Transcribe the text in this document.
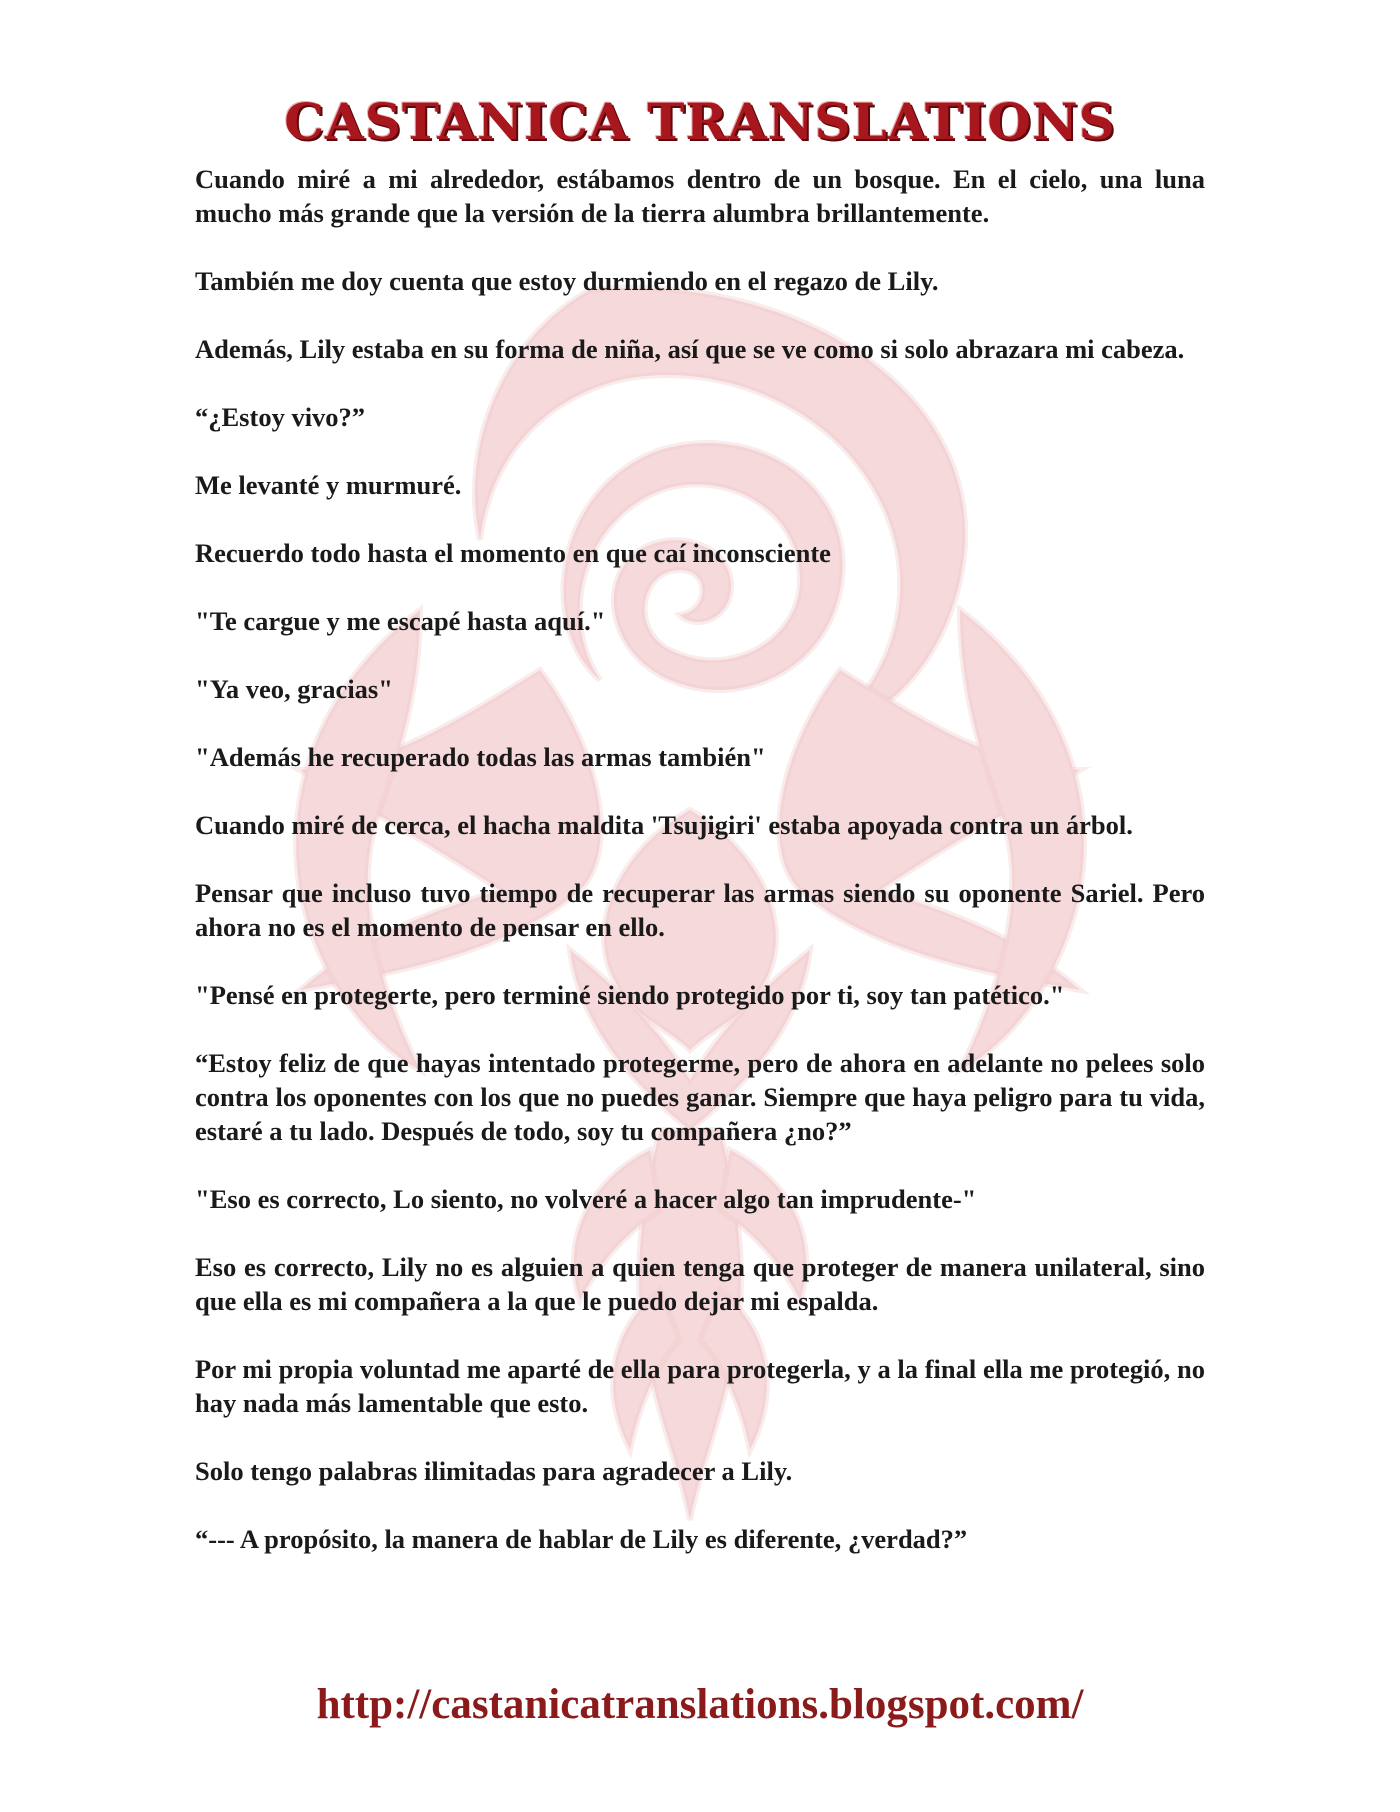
CASTANICA TRANSLATIONS

Cuando miré a mi alrededor, estábamos dentro de un bosque. En el cielo, una luna mucho más grande que la versión de la tierra alumbra brillantemente.

También me doy cuenta que estoy durmiendo en el regazo de Lily.

Además, Lily estaba en su forma de niña, así que se ve como si solo abrazara mi cabeza.

“¿Estoy vivo?”

Me levanté y murmuré.

Recuerdo todo hasta el momento en que caí inconsciente

"Te cargue y me escapé hasta aquí."

"Ya veo, gracias"

"Además he recuperado todas las armas también"

Cuando miré de cerca, el hacha maldita 'Tsujigiri' estaba apoyada contra un árbol.

Pensar que incluso tuvo tiempo de recuperar las armas siendo su oponente Sariel. Pero ahora no es el momento de pensar en ello.

"Pensé en protegerte, pero terminé siendo protegido por ti, soy tan patético."

“Estoy feliz de que hayas intentado protegerme, pero de ahora en adelante no pelees solo contra los oponentes con los que no puedes ganar. Siempre que haya peligro para tu vida, estaré a tu lado. Después de todo, soy tu compañera ¿no?”

"Eso es correcto, Lo siento, no volveré a hacer algo tan imprudente-"

Eso es correcto, Lily no es alguien a quien tenga que proteger de manera unilateral, sino que ella es mi compañera a la que le puedo dejar mi espalda.

Por mi propia voluntad me aparté de ella para protegerla, y a la final ella me protegió, no hay nada más lamentable que esto.

Solo tengo palabras ilimitadas para agradecer a Lily.

“--- A propósito, la manera de hablar de Lily es diferente, ¿verdad?”

http://castanicatranslations.blogspot.com/
